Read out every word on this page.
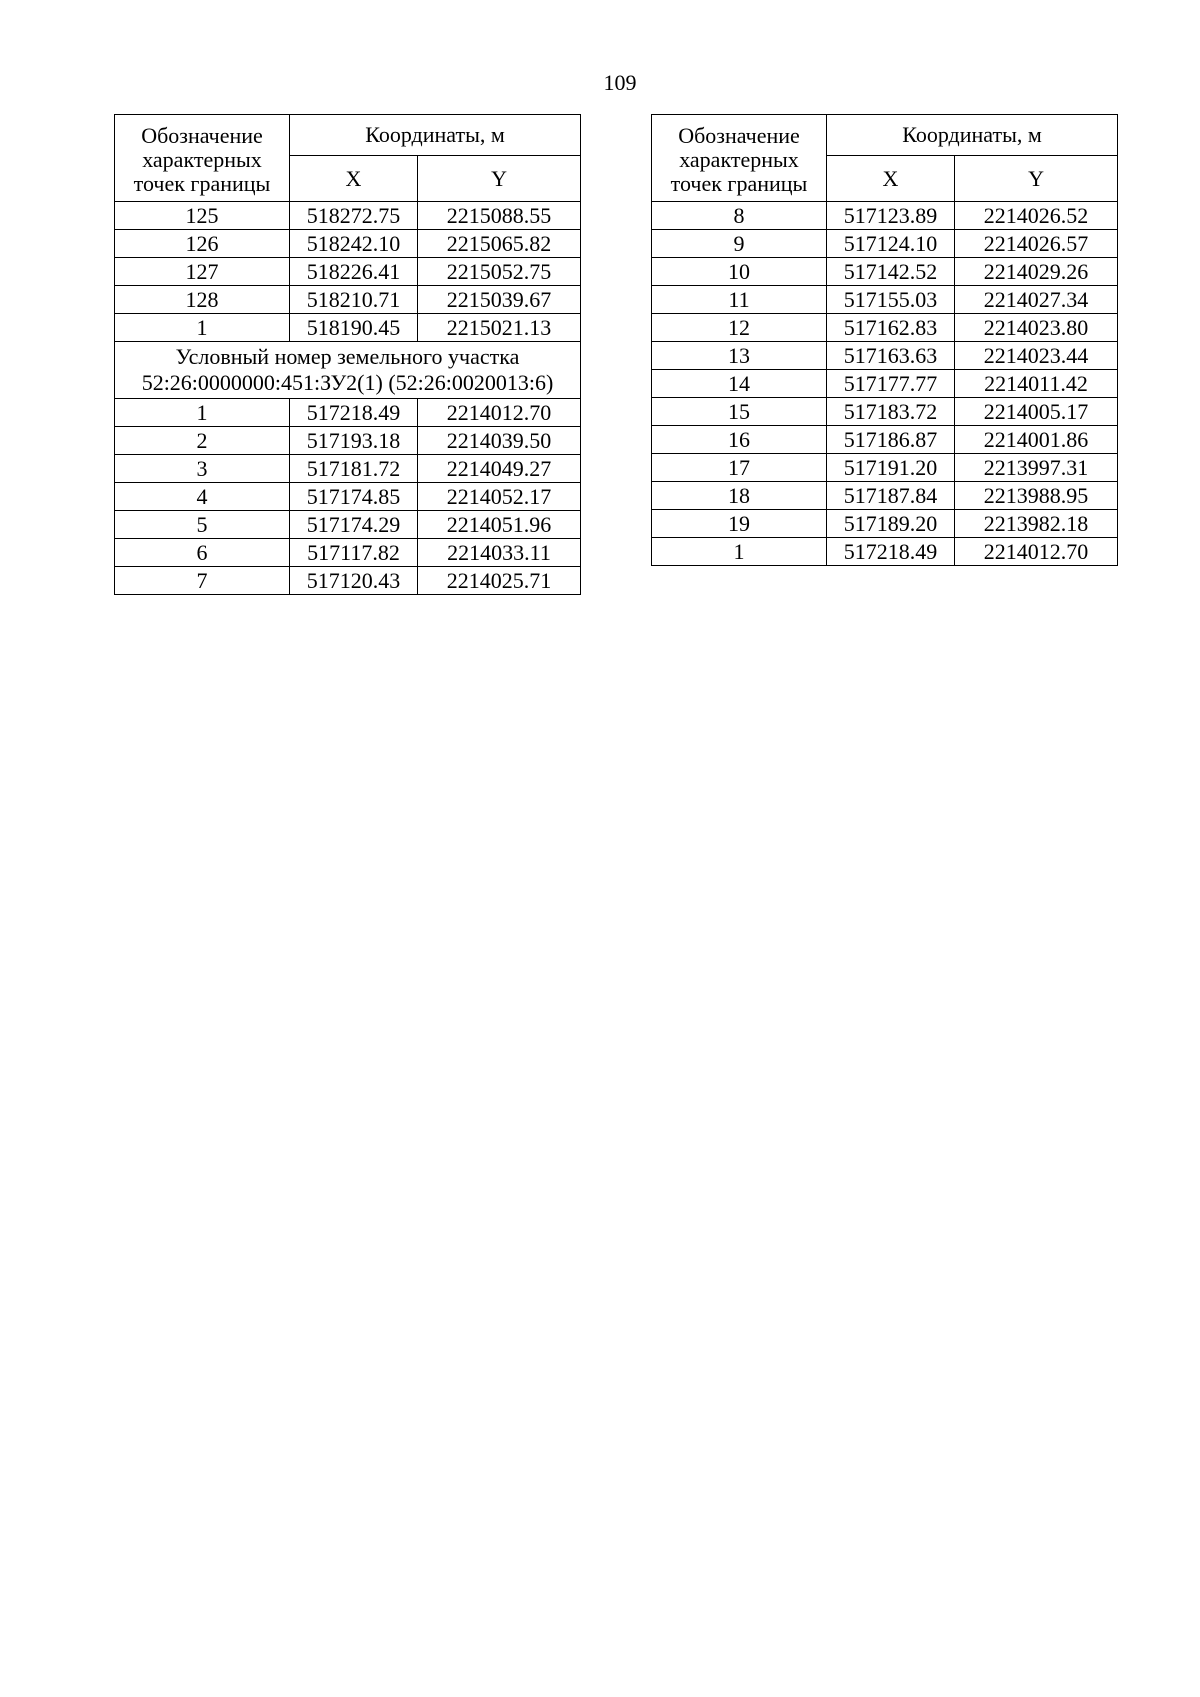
109
Обозначение характерных точек границы	Координаты, м	
	X	Y
125	518272.75	2215088.55
126	518242.10	2215065.82
127	518226.41	2215052.75
128	518210.71	2215039.67
1	518190.45	2215021.13
Условный номер земельного участка
52:26:0000000:451:ЗУ2(1) (52:26:0020013:6)		
1	517218.49	2214012.70
2	517193.18	2214039.50
3	517181.72	2214049.27
4	517174.85	2214052.17
5	517174.29	2214051.96
6	517117.82	2214033.11
7	517120.43	2214025.71
Обозначение характерных точек границы	Координаты, м	
	X	Y
8	517123.89	2214026.52
9	517124.10	2214026.57
10	517142.52	2214029.26
11	517155.03	2214027.34
12	517162.83	2214023.80
13	517163.63	2214023.44
14	517177.77	2214011.42
15	517183.72	2214005.17
16	517186.87	2214001.86
17	517191.20	2213997.31
18	517187.84	2213988.95
19	517189.20	2213982.18
1	517218.49	2214012.70
